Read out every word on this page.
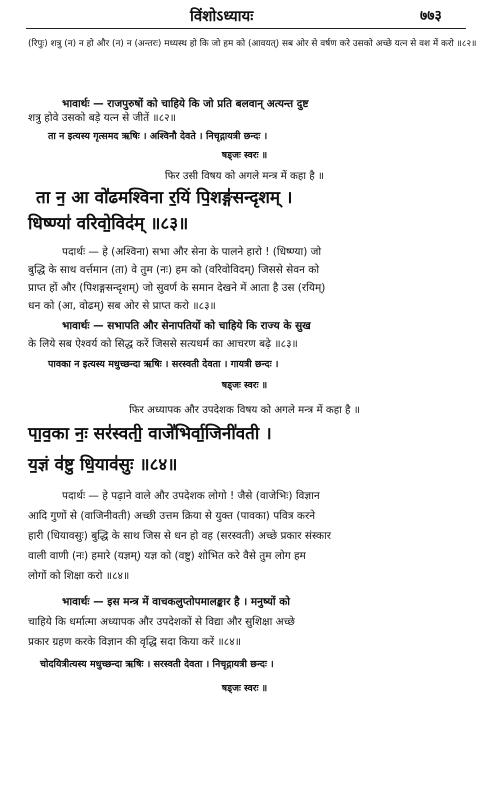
विंशोऽध्यायः	७७३
(रिपुः) शत्रु (न) न हो और (न) न (अन्तरः) मध्यस्थ हो कि जो हम को (आवयत्) सब ओर से वर्षण करे उसको अच्छे यत्न से वश में करो ॥८२॥
भावार्थः — राजपुरुषों को चाहिये कि जो प्रति बलवान् अत्यन्त दुष्ट
शत्रु होवे उसको बड़े यत्न से जीतें ॥८२॥
ता न इत्यस्य गृत्समद ऋषिः । अश्विनौ देवते । निचृद्गायत्री छन्दः ।
षड्जः स्वरः ॥
फिर उसी विषय को अगले मन्त्र में कहा है ॥
ता न॒ आ वो॑ढमश्विना र॒यिं पि॒शङ्ग॑सन्दृशम् ।
धिष्ण्या॑ वरिवो॒विद॑म् ॥८३॥
पदार्थः — हे (अश्विना) सभा और सेना के पालने हारो ! (धिष्ण्या) जो
बुद्धि के साथ वर्त्तमान (ता) वे तुम (नः) हम को (वरिवोविदम्) जिससे सेवन को
प्राप्त हों और (पिशङ्गसन्दृशम्) जो सुवर्ण के समान देखने में आता है उस (रयिम्)
धन को (आ, वोढम्) सब ओर से प्राप्त करो ॥८३॥
भावार्थः — सभापति और सेनापतियों को चाहिये कि राज्य के सुख
के लिये सब ऐश्वर्य को सिद्ध करें जिससे सत्यधर्म का आचरण बढ़े ॥८३॥
पावका न इत्यस्य मधुच्छन्दा ऋषिः । सरस्वती देवता । गायत्री छन्दः ।
षड्जः स्वरः ॥
फिर अध्यापक और उपदेशक विषय को अगले मन्त्र में कहा है ॥
पा॒व॒का नः॒ सर॑स्वती॒ वाजे॑भिर्वा॒जिनी॑वती ।
य॒ज्ञं व॑ष्टु धि॒याव॑सुः ॥८४॥
पदार्थः — हे पढ़ाने वाले और उपदेशक लोगो ! जैसे (वाजेभिः) विज्ञान
आदि गुणों से (वाजिनीवती) अच्छी उत्तम क्रिया से युक्त (पावका) पवित्र करने
हारी (धियावसुः) बुद्धि के साथ जिस से धन हो वह (सरस्वती) अच्छे प्रकार संस्कार
वाली वाणी (नः) हमारे (यज्ञम्) यज्ञ को (वष्टु) शोभित करे वैसे तुम लोग हम
लोगों को शिक्षा करो ॥८४॥
भावार्थः — इस मन्त्र में वाचकलुप्तोपमालङ्कार है । मनुष्यों को
चाहिये कि धर्मात्मा अध्यापक और उपदेशकों से विद्या और सुशिक्षा अच्छे
प्रकार ग्रहण करके विज्ञान की वृद्धि सदा किया करें ॥८४॥
चोदयित्रीत्यस्य मधुच्छन्दा ऋषिः । सरस्वती देवता । निचृद्गायत्री छन्दः ।
षड्जः स्वरः ॥
